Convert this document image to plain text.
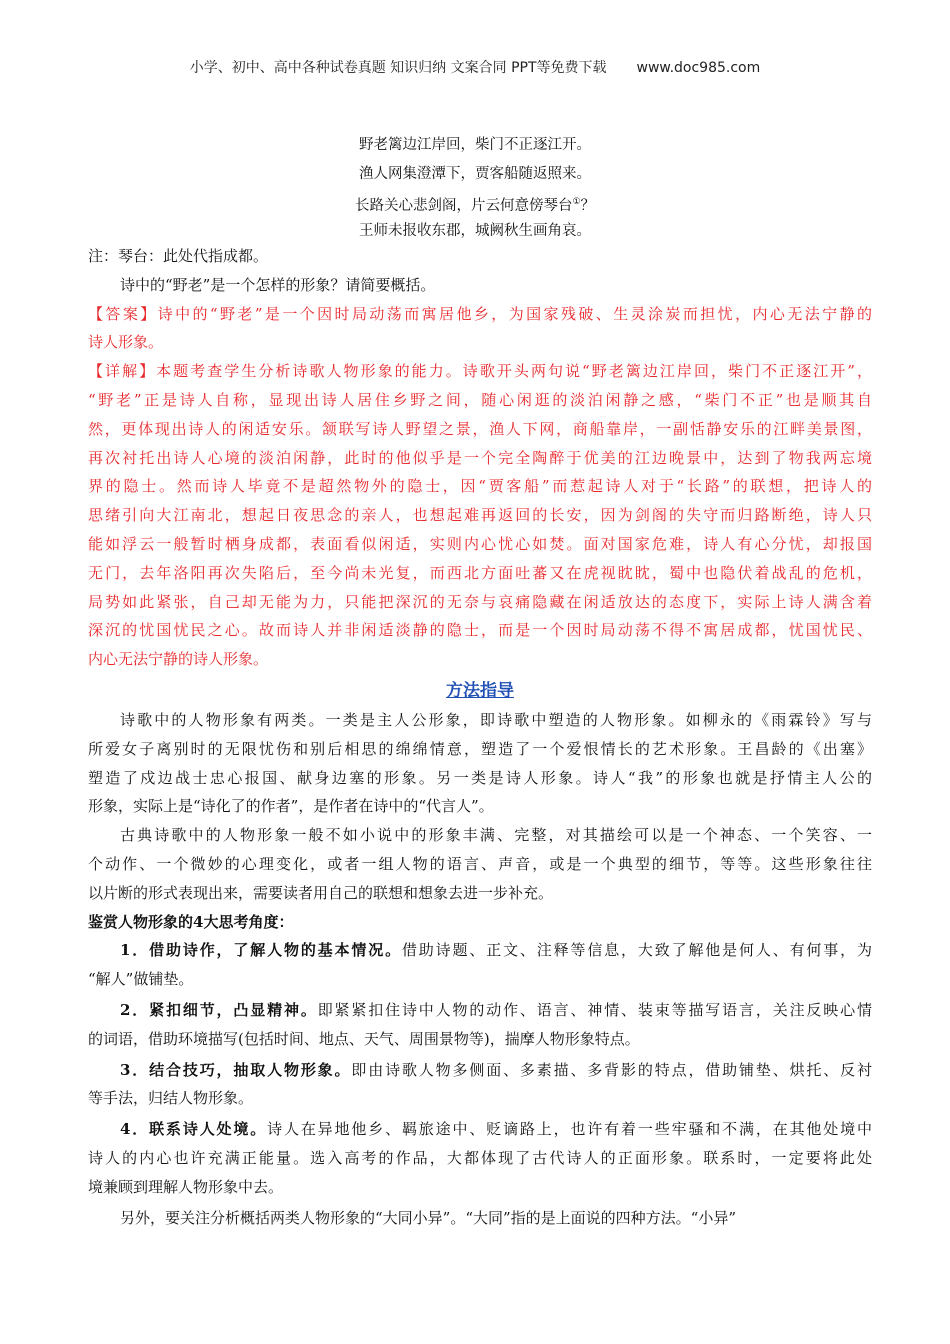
小学、初中、高中各种试卷真题 知识归纳 文案合同 PPT等免费下载 www.doc985.com
野老篱边江岸回，柴门不正逐江开。
渔人网集澄潭下，贾客船随返照来。
长路关心悲剑阁，片云何意傍琴台①？
王师未报收东郡，城阙秋生画角哀。
注：琴台：此处代指成都。
诗中的“野老”是一个怎样的形象？请简要概括。
【答案】诗中的“野老”是一个因时局动荡而寓居他乡，为国家残破、生灵涂炭而担忧，内心无法宁静的
诗人形象。
【详解】本题考查学生分析诗歌人物形象的能力。诗歌开头两句说“野老篱边江岸回，柴门不正逐江开”，
“野老”正是诗人自称，显现出诗人居住乡野之间，随心闲逛的淡泊闲静之感，“柴门不正”也是顺其自
然，更体现出诗人的闲适安乐。颔联写诗人野望之景，渔人下网，商船靠岸，一副恬静安乐的江畔美景图，
再次衬托出诗人心境的淡泊闲静，此时的他似乎是一个完全陶醉于优美的江边晚景中，达到了物我两忘境
界的隐士。然而诗人毕竟不是超然物外的隐士，因“贾客船”而惹起诗人对于“长路”的联想，把诗人的
思绪引向大江南北，想起日夜思念的亲人，也想起难再返回的长安，因为剑阁的失守而归路断绝，诗人只
能如浮云一般暂时栖身成都，表面看似闲适，实则内心忧心如焚。面对国家危难，诗人有心分忧，却报国
无门，去年洛阳再次失陷后，至今尚未光复，而西北方面吐蕃又在虎视眈眈，蜀中也隐伏着战乱的危机，
局势如此紧张，自己却无能为力，只能把深沉的无奈与哀痛隐藏在闲适放达的态度下，实际上诗人满含着
深沉的忧国忧民之心。故而诗人并非闲适淡静的隐士，而是一个因时局动荡不得不寓居成都，忧国忧民、
内心无法宁静的诗人形象。
方法指导
诗歌中的人物形象有两类。一类是主人公形象，即诗歌中塑造的人物形象。如柳永的《雨霖铃》写与
所爱女子离别时的无限忧伤和别后相思的绵绵情意，塑造了一个爱恨情长的艺术形象。王昌龄的《出塞》
塑造了戍边战士忠心报国、献身边塞的形象。另一类是诗人形象。诗人“我”的形象也就是抒情主人公的
形象，实际上是“诗化了的作者”，是作者在诗中的“代言人”。
古典诗歌中的人物形象一般不如小说中的形象丰满、完整，对其描绘可以是一个神态、一个笑容、一
个动作、一个微妙的心理变化，或者一组人物的语言、声音，或是一个典型的细节，等等。这些形象往往
以片断的形式表现出来，需要读者用自己的联想和想象去进一步补充。
鉴赏人物形象的4大思考角度：
1．借助诗作，了解人物的基本情况。借助诗题、正文、注释等信息，大致了解他是何人、有何事，为
“解人”做铺垫。
2．紧扣细节，凸显精神。即紧紧扣住诗中人物的动作、语言、神情、装束等描写语言，关注反映心情
的词语，借助环境描写(包括时间、地点、天气、周围景物等)，揣摩人物形象特点。
3．结合技巧，抽取人物形象。即由诗歌人物多侧面、多素描、多背影的特点，借助铺垫、烘托、反衬
等手法，归结人物形象。
4．联系诗人处境。诗人在异地他乡、羁旅途中、贬谪路上，也许有着一些牢骚和不满，在其他处境中
诗人的内心也许充满正能量。选入高考的作品，大都体现了古代诗人的正面形象。联系时，一定要将此处
境兼顾到理解人物形象中去。
另外，要关注分析概括两类人物形象的“大同小异”。“大同”指的是上面说的四种方法。“小异”
